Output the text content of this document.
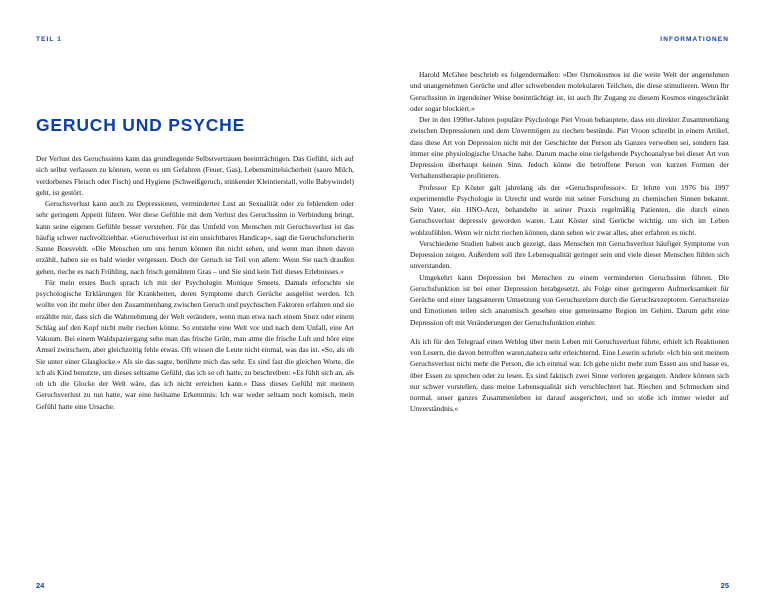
TEIL 1
GERUCH UND PSYCHE

Der Verlust des Geruchssinns kann das grundlegende Selbstvertrauen beeinträchtigen. Das Gefühl, sich auf sich selbst verlassen zu können, wenn es um Gefahren (Feuer, Gas), Lebensmittelsicherheit (saure Milch, verdorbenes Fleisch oder Fisch) und Hygiene (Schweißgeruch, stinkender Kleintierstall, volle Babywindel) geht, ist gestört.

Geruchsverlust kann auch zu Depressionen, verminderter Lust an Sexualität oder zu fehlendem oder sehr geringem Appetit führen. Wer diese Gefühle mit dem Verlust des Geruchssinn in Verbindung bringt, kann seine eigenen Gefühle besser verstehen. Für das Umfeld von Menschen mit Geruchsverlust ist das häufig schwer nachvollziehbar. »Geruchsverlust ist ein unsichtbares Handicap«, sagt die Geruchsforscherin Sanne Boesveldt. »Die Menschen um uns herum können ihn nicht sehen, und wenn man ihnen davon erzählt, haben sie es bald wieder vergessen. Doch der Geruch ist Teil von allem: Wenn Sie nach draußen gehen, rieche es nach Frühling, nach frisch gemähtem Gras – und Sie sind kein Teil dieses Erlebnisses.«

Für mein erstes Buch sprach ich mit der Psychologin Monique Smeets. Damals erforschte sie psychologische Erklärungen für Krankheiten, deren Symptome durch Gerüche ausgelöst werden. Ich wollte von ihr mehr über den Zusammenhang zwischen Geruch und psychischen Faktoren erfahren und sie erzählte mir, dass sich die Wahrnehmung der Welt verändere, wenn man etwa nach einem Sturz oder einem Schlag auf den Kopf nicht mehr riechen könne. So entstehe eine Welt vor und nach dem Unfall, eine Art Vakuum. Bei einem Waldspaziergang sehe man das frische Grün, man atme die frische Luft und höre eine Amsel zwitschern, aber gleichzeitig fehle etwas. Oft wissen die Leute nicht einmal, was das ist. »So, als ob Sie unter einer Glasglocke.« Als sie das sagte, berührte mich das sehr. Es sind fast die gleichen Worte, die ich als Kind benutzte, um dieses seltsame Gefühl, das ich so oft hatte, zu beschreiben: »Es fühlt sich an, als ob ich die Glocke der Welt wäre, das ich nicht erreichen kann.« Dass dieses Gefühl mit meinem Geruchsverlust zu tun hatte, war eine heilsame Erkenntnis: Ich war weder seltsam noch komisch, mein Gefühl hatte eine Ursache.

24
INFORMATIONEN

Harold McGhee beschrieb es folgendermaßen: »Der Osmokosmos ist die weite Welt der angenehmen und unangenehmen Gerüche und aller schwebenden molekularen Teilchen, die diese stimulieren. Wenn Ihr Geruchssinn in irgendeiner Weise beeinträchtigt ist, ist auch Ihr Zugang zu diesem Kosmos eingeschränkt oder sogar blockiert.«

Der in den 1990er-Jahren populäre Psychologe Piet Vroon behauptete, dass ein direkter Zusammenhang zwischen Depressionen und dem Unvermögen zu riechen bestünde. Piet Vroon schreibt in einem Artikel, dass diese Art von Depression nicht mit der Geschichte der Person als Ganzes verwoben sei, sondern fast immer eine physiologische Ursache habe. Darum mache eine tiefgehende Psychoanalyse bei dieser Art von Depression überhaupt keinen Sinn. Jedoch könne die betroffene Person von kurzen Formen der Verhaltenstherapie profitieren.

Professor Ep Köster galt jahrelang als der »Geruchsprofessor«. Er lehrte von 1976 bis 1997 experimentelle Psychologie in Utrecht und wurde mit seiner Forschung zu chemischen Sinnen bekannt. Sein Vater, ein HNO-Arzt, behandelte in seiner Praxis regelmäßig Patienten, die durch einen Geruchsverlust depressiv geworden waren. Laut Köster sind Gerüche wichtig, um sich im Leben wohlzufühlen. Wenn wir nicht riechen können, dann sehen wir zwar alles, aber erfahren es nicht.

Verschiedene Studien haben auch gezeigt, dass Menschen mit Geruchsverlust häufiger Symptome von Depression zeigen. Außerdem soll ihre Lebensqualität geringer sein und viele dieser Menschen fühlen sich unverstanden.

Umgekehrt kann Depression bei Menschen zu einem verminderten Geruchssinn führen. Die Geruchsfunktion ist bei einer Depression herabgesetzt, als Folge einer geringeren Aufmerksamkeit für Gerüche und einer langsameren Umsetzung von Geruchsreizen durch die Geruchsrezeptoren. Geruchsreize und Emotionen teilen sich anatomisch gesehen eine gemeinsame Region im Gehirn. Darum geht eine Depression oft mit Veränderungen der Geruchsfunktion einher.

Als ich für den Telegraaf einen Weblog über mein Leben mit Geruchsverlust führte, erhielt ich Reaktionen von Lesern, die davon betroffen waren,nahezu sehr erleichternd. Eine Leserin schrieb: »Ich bin seit meinem Geruchsverlust nicht mehr die Person, die ich einmal war. Ich gehe nicht mehr zum Essen aus und hasse es, über Essen zu sprechen oder zu lesen. Es sind faktisch zwei Sinne verloren gegangen. Andere können sich nur schwer vorstellen, dass meine Lebensqualität sich verschlechtert hat. Riechen und Schmecken sind normal, unser ganzes Zusammenleben ist darauf ausgerichtet, und so stoße ich immer wieder auf Unverständnis.«

25
